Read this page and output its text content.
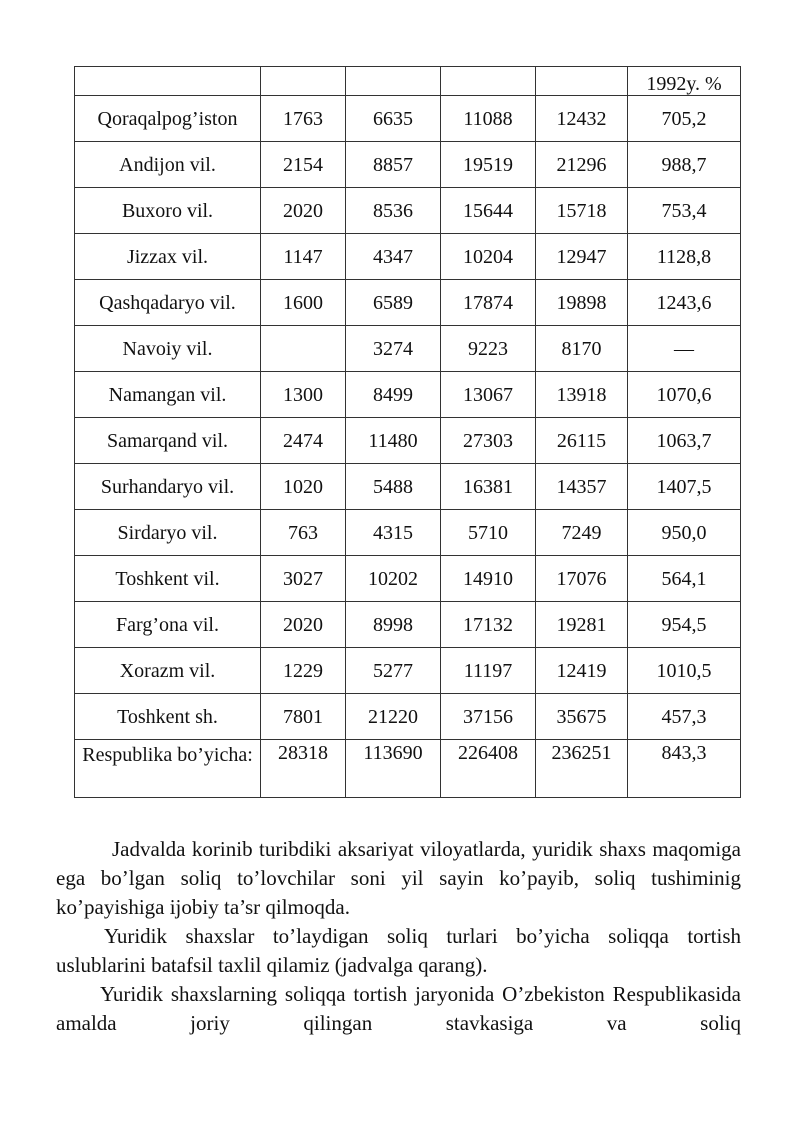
					1992y. %
Qoraqalpog’iston	1763	6635	11088	12432	705,2
Andijon vil.	2154	8857	19519	21296	988,7
Buxoro vil.	2020	8536	15644	15718	753,4
Jizzax vil.	1147	4347	10204	12947	1128,8
Qashqadaryo vil.	1600	6589	17874	19898	1243,6
Navoiy vil.		3274	9223	8170	—
Namangan vil.	1300	8499	13067	13918	1070,6
Samarqand vil.	2474	11480	27303	26115	1063,7
Surhandaryo vil.	1020	5488	16381	14357	1407,5
Sirdaryo vil.	763	4315	5710	7249	950,0
Toshkent vil.	3027	10202	14910	17076	564,1
Farg’ona vil.	2020	8998	17132	19281	954,5
Xorazm vil.	1229	5277	11197	12419	1010,5
Toshkent sh.	7801	21220	37156	35675	457,3
Respublika bo’yicha:	28318	113690	226408	236251	843,3

Jadvalda korinib turibdiki aksariyat viloyatlarda, yuridik shaxs maqomiga ega bo’lgan soliq to’lovchilar soni yil sayin ko’payib, soliq tushiminig ko’payishiga ijobiy ta’sr qilmoqda.

Yuridik shaxslar to’laydigan soliq turlari bo’yicha soliqqa tortish uslublarini batafsil taxlil qilamiz (jadvalga qarang).

Yuridik shaxslarning soliqqa tortish jaryonida O’zbekiston Respublikasida amalda joriy qilingan stavkasiga va soliq
